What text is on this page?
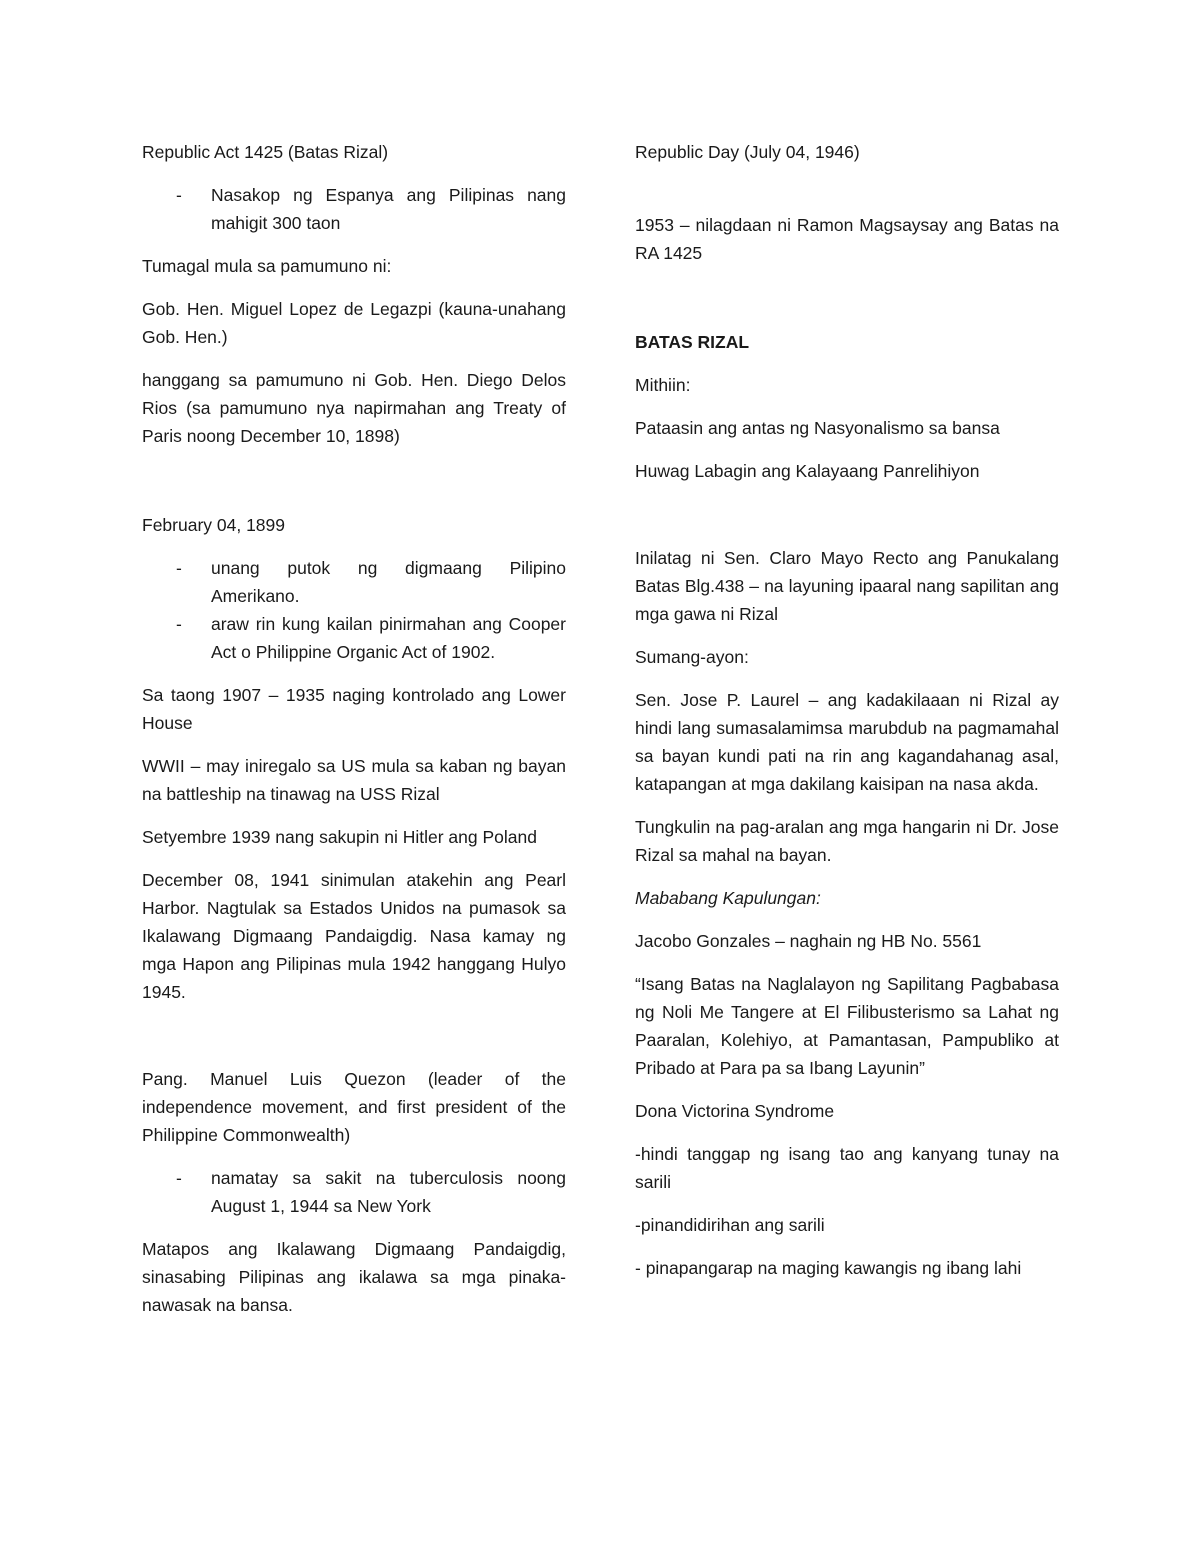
Republic Act 1425 (Batas Rizal)

- Nasakop ng Espanya ang Pilipinas nang mahigit 300 taon

Tumagal mula sa pamumuno ni:

Gob. Hen. Miguel Lopez de Legazpi (kauna-unahang Gob. Hen.)

hanggang sa pamumuno ni Gob. Hen. Diego Delos Rios (sa pamumuno nya napirmahan ang Treaty of Paris noong December 10, 1898)

February 04, 1899

- unang putok ng digmaang Pilipino Amerikano.
- araw rin kung kailan pinirmahan ang Cooper Act o Philippine Organic Act of 1902.

Sa taong 1907 – 1935 naging kontrolado ang Lower House

WWII – may iniregalo sa US mula sa kaban ng bayan na battleship na tinawag na USS Rizal

Setyembre 1939 nang sakupin ni Hitler ang Poland

December 08, 1941 sinimulan atakehin ang Pearl Harbor. Nagtulak sa Estados Unidos na pumasok sa Ikalawang Digmaang Pandaigdig. Nasa kamay ng mga Hapon ang Pilipinas mula 1942 hanggang Hulyo 1945.

Pang. Manuel Luis Quezon (leader of the independence movement, and first president of the Philippine Commonwealth)

- namatay sa sakit na tuberculosis noong August 1, 1944 sa New York

Matapos ang Ikalawang Digmaang Pandaigdig, sinasabing Pilipinas ang ikalawa sa mga pinaka-nawasak na bansa.

Republic Day (July 04, 1946)

1953 – nilagdaan ni Ramon Magsaysay ang Batas na RA 1425

BATAS RIZAL

Mithiin:

Pataasin ang antas ng Nasyonalismo sa bansa

Huwag Labagin ang Kalayaang Panrelihiyon

Inilatag ni Sen. Claro Mayo Recto ang Panukalang Batas Blg.438 – na layuning ipaaral nang sapilitan ang mga gawa ni Rizal

Sumang-ayon:

Sen. Jose P. Laurel – ang kadakilaaan ni Rizal ay hindi lang sumasalamimsa marubdub na pagmamahal sa bayan kundi pati na rin ang kagandahanag asal, katapangan at mga dakilang kaisipan na nasa akda.

Tungkulin na pag-aralan ang mga hangarin ni Dr. Jose Rizal sa mahal na bayan.

Mababang Kapulungan:

Jacobo Gonzales – naghain ng HB No. 5561

“Isang Batas na Naglalayon ng Sapilitang Pagbabasa ng Noli Me Tangere at El Filibusterismo sa Lahat ng Paaralan, Kolehiyo, at Pamantasan, Pampubliko at Pribado at Para pa sa Ibang Layunin”

Dona Victorina Syndrome

-hindi tanggap ng isang tao ang kanyang tunay na sarili

-pinandidirihan ang sarili

- pinapangarap na maging kawangis ng ibang lahi
